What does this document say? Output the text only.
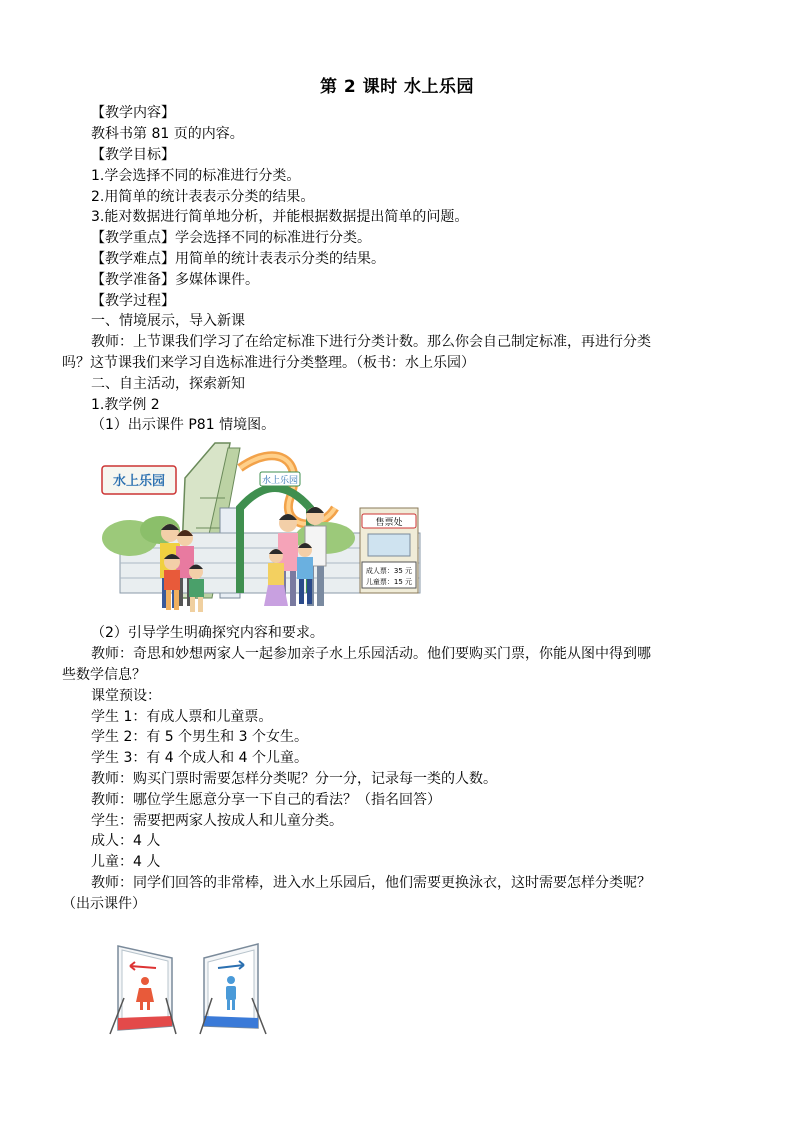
第 2 课时 水上乐园
【教学内容】
教科书第 81 页的内容。
【教学目标】
1.学会选择不同的标准进行分类。
2.用简单的统计表表示分类的结果。
3.能对数据进行简单地分析，并能根据数据提出简单的问题。
【教学重点】学会选择不同的标准进行分类。
【教学难点】用简单的统计表表示分类的结果。
【教学准备】多媒体课件。
【教学过程】
一、情境展示，导入新课
教师：上节课我们学习了在给定标准下进行分类计数。那么你会自己制定标准，再进行分类
吗？这节课我们来学习自选标准进行分类整理。（板书：水上乐园）
二、自主活动，探索新知
1.教学例 2
（1）出示课件 P81 情境图。
水上乐园	水上乐园
售票处
成人票：35 元
儿童票：15 元
（2）引导学生明确探究内容和要求。
教师：奇思和妙想两家人一起参加亲子水上乐园活动。他们要购买门票，你能从图中得到哪
些数学信息？
课堂预设：
学生 1：有成人票和儿童票。
学生 2：有 5 个男生和 3 个女生。
学生 3：有 4 个成人和 4 个儿童。
教师：购买门票时需要怎样分类呢？分一分，记录每一类的人数。
教师：哪位学生愿意分享一下自己的看法？（指名回答）
学生：需要把两家人按成人和儿童分类。
成人：4 人
儿童：4 人
教师：同学们回答的非常棒，进入水上乐园后，他们需要更换泳衣，这时需要怎样分类呢？
（出示课件）
